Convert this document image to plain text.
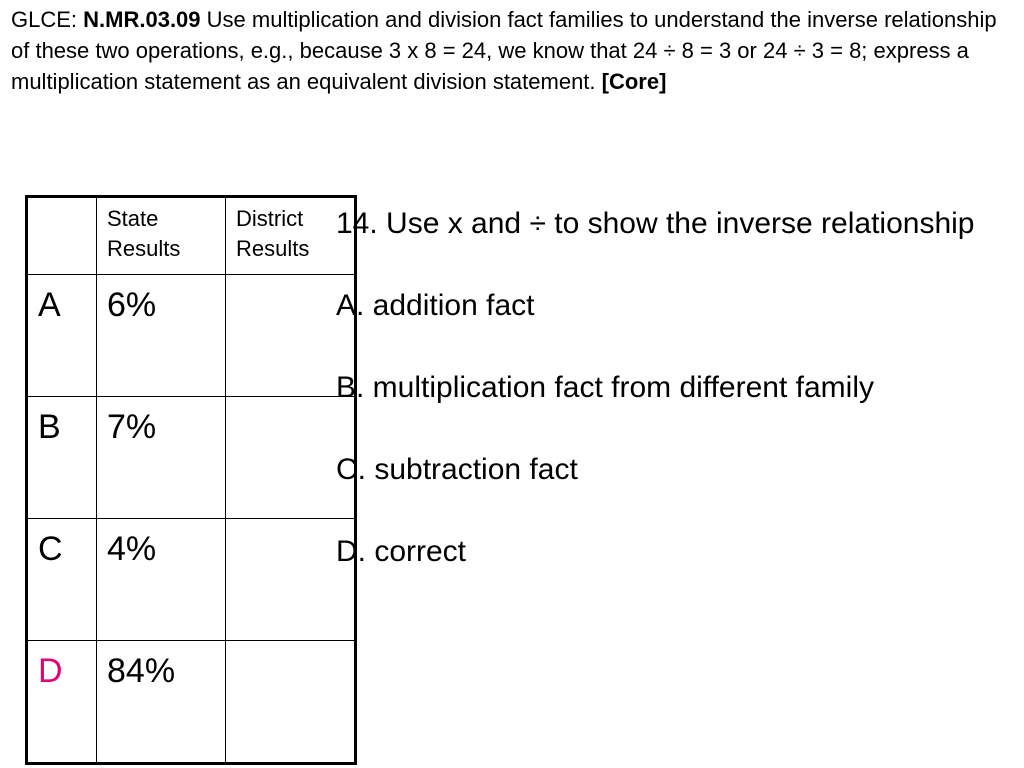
GLCE: N.MR.03.09 Use multiplication and division fact families to understand the inverse relationship of these two operations, e.g., because 3 x 8 = 24, we know that 24 ÷ 8 = 3 or 24 ÷ 3 = 8; express a multiplication statement as an equivalent division statement. [Core]
	State Results	District Results
A	6%	
B	7%	
C	4%	
D	84%	

14. Use x and ÷ to show the inverse relationship

A. addition fact

B. multiplication fact from different family

C. subtraction fact

D. correct
